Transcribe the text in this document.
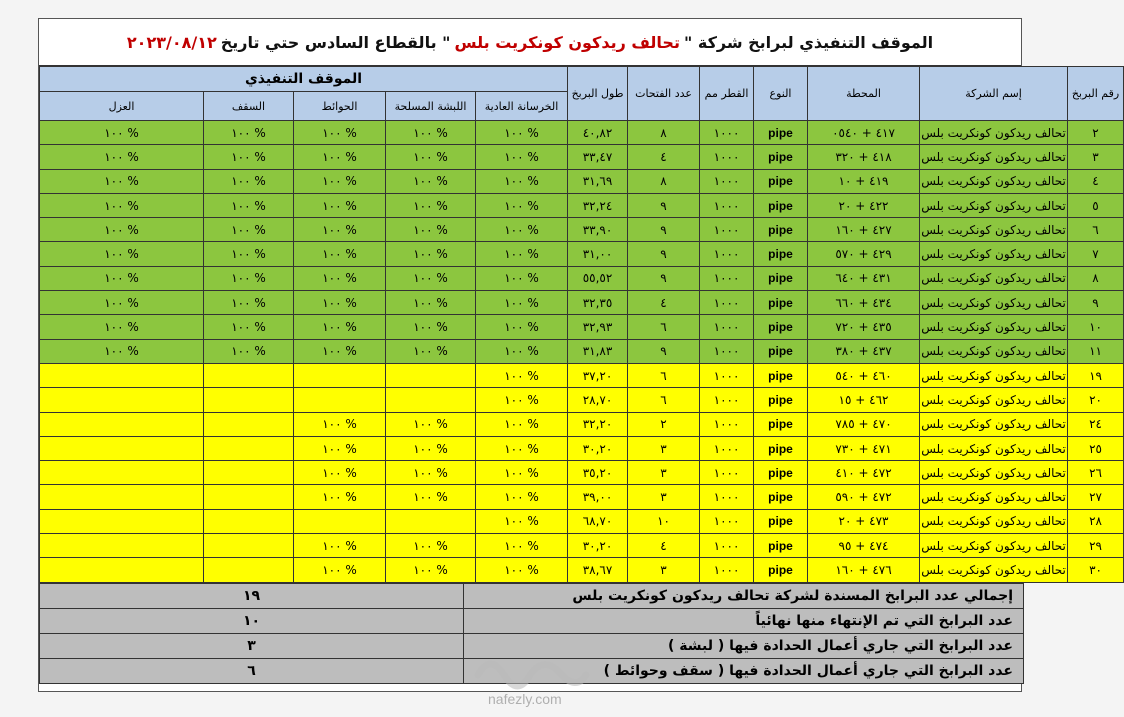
الموقف التنفيذي لبرابخ شركة "
تحالف ريدكون كونكريت بلس
" بالقطاع السادس حتي تاريخ
٢٠٢٣/٠٨/١٢
رقم البربخ	إسم الشركة	المحطة	النوع	القطر مم	عدد الفتحات	طول البربخ	الموقف التنفيذي				
							الخرسانة العادية	اللبشة المسلحة	الحوائط	السقف	العزل
٢	تحالف ريدكون كونكريت بلس	٤١٧ + ٠٥٤٠	pipe	١٠٠٠	٨	٤٠,٨٢	١٠٠ %	١٠٠ %	١٠٠ %	١٠٠ %	١٠٠ %
٣	تحالف ريدكون كونكريت بلس	٤١٨ + ٣٢٠	pipe	١٠٠٠	٤	٣٣,٤٧	١٠٠ %	١٠٠ %	١٠٠ %	١٠٠ %	١٠٠ %
٤	تحالف ريدكون كونكريت بلس	٤١٩ + ١٠	pipe	١٠٠٠	٨	٣١,٦٩	١٠٠ %	١٠٠ %	١٠٠ %	١٠٠ %	١٠٠ %
٥	تحالف ريدكون كونكريت بلس	٤٢٢ + ٢٠	pipe	١٠٠٠	٩	٣٢,٢٤	١٠٠ %	١٠٠ %	١٠٠ %	١٠٠ %	١٠٠ %
٦	تحالف ريدكون كونكريت بلس	٤٢٧ + ١٦٠	pipe	١٠٠٠	٩	٣٣,٩٠	١٠٠ %	١٠٠ %	١٠٠ %	١٠٠ %	١٠٠ %
٧	تحالف ريدكون كونكريت بلس	٤٢٩ + ٥٧٠	pipe	١٠٠٠	٩	٣١,٠٠	١٠٠ %	١٠٠ %	١٠٠ %	١٠٠ %	١٠٠ %
٨	تحالف ريدكون كونكريت بلس	٤٣١ + ٦٤٠	pipe	١٠٠٠	٩	٥٥,٥٢	١٠٠ %	١٠٠ %	١٠٠ %	١٠٠ %	١٠٠ %
٩	تحالف ريدكون كونكريت بلس	٤٣٤ + ٦٦٠	pipe	١٠٠٠	٤	٣٢,٣٥	١٠٠ %	١٠٠ %	١٠٠ %	١٠٠ %	١٠٠ %
١٠	تحالف ريدكون كونكريت بلس	٤٣٥ + ٧٢٠	pipe	١٠٠٠	٦	٣٢,٩٣	١٠٠ %	١٠٠ %	١٠٠ %	١٠٠ %	١٠٠ %
١١	تحالف ريدكون كونكريت بلس	٤٣٧ + ٣٨٠	pipe	١٠٠٠	٩	٣١,٨٣	١٠٠ %	١٠٠ %	١٠٠ %	١٠٠ %	١٠٠ %
١٩	تحالف ريدكون كونكريت بلس	٤٦٠ + ٥٤٠	pipe	١٠٠٠	٦	٣٧,٢٠	١٠٠ %				
٢٠	تحالف ريدكون كونكريت بلس	٤٦٢ + ١٥	pipe	١٠٠٠	٦	٢٨,٧٠	١٠٠ %				
٢٤	تحالف ريدكون كونكريت بلس	٤٧٠ + ٧٨٥	pipe	١٠٠٠	٢	٣٢,٢٠	١٠٠ %	١٠٠ %	١٠٠ %		
٢٥	تحالف ريدكون كونكريت بلس	٤٧١ + ٧٣٠	pipe	١٠٠٠	٣	٣٠,٢٠	١٠٠ %	١٠٠ %	١٠٠ %		
٢٦	تحالف ريدكون كونكريت بلس	٤٧٢ + ٤١٠	pipe	١٠٠٠	٣	٣٥,٢٠	١٠٠ %	١٠٠ %	١٠٠ %		
٢٧	تحالف ريدكون كونكريت بلس	٤٧٢ + ٥٩٠	pipe	١٠٠٠	٣	٣٩,٠٠	١٠٠ %	١٠٠ %	١٠٠ %		
٢٨	تحالف ريدكون كونكريت بلس	٤٧٣ + ٢٠	pipe	١٠٠٠	١٠	٦٨,٧٠	١٠٠ %				
٢٩	تحالف ريدكون كونكريت بلس	٤٧٤ + ٩٥	pipe	١٠٠٠	٤	٣٠,٢٠	١٠٠ %	١٠٠ %	١٠٠ %		
٣٠	تحالف ريدكون كونكريت بلس	٤٧٦ + ١٦٠	pipe	١٠٠٠	٣	٣٨,٦٧	١٠٠ %	١٠٠ %	١٠٠ %		
إجمالي عدد البرابخ المسندة لشركة تحالف ريدكون كونكريت بلس	١٩
عدد البرابخ التي تم الإنتهاء منها نهائياً	١٠
عدد البرابخ التي جاري أعمال الحدادة فيها ( لبشة )	٣
عدد البرابخ التي جاري أعمال الحدادة فيها ( سقف وحوائط )	٦
nafezly.com
